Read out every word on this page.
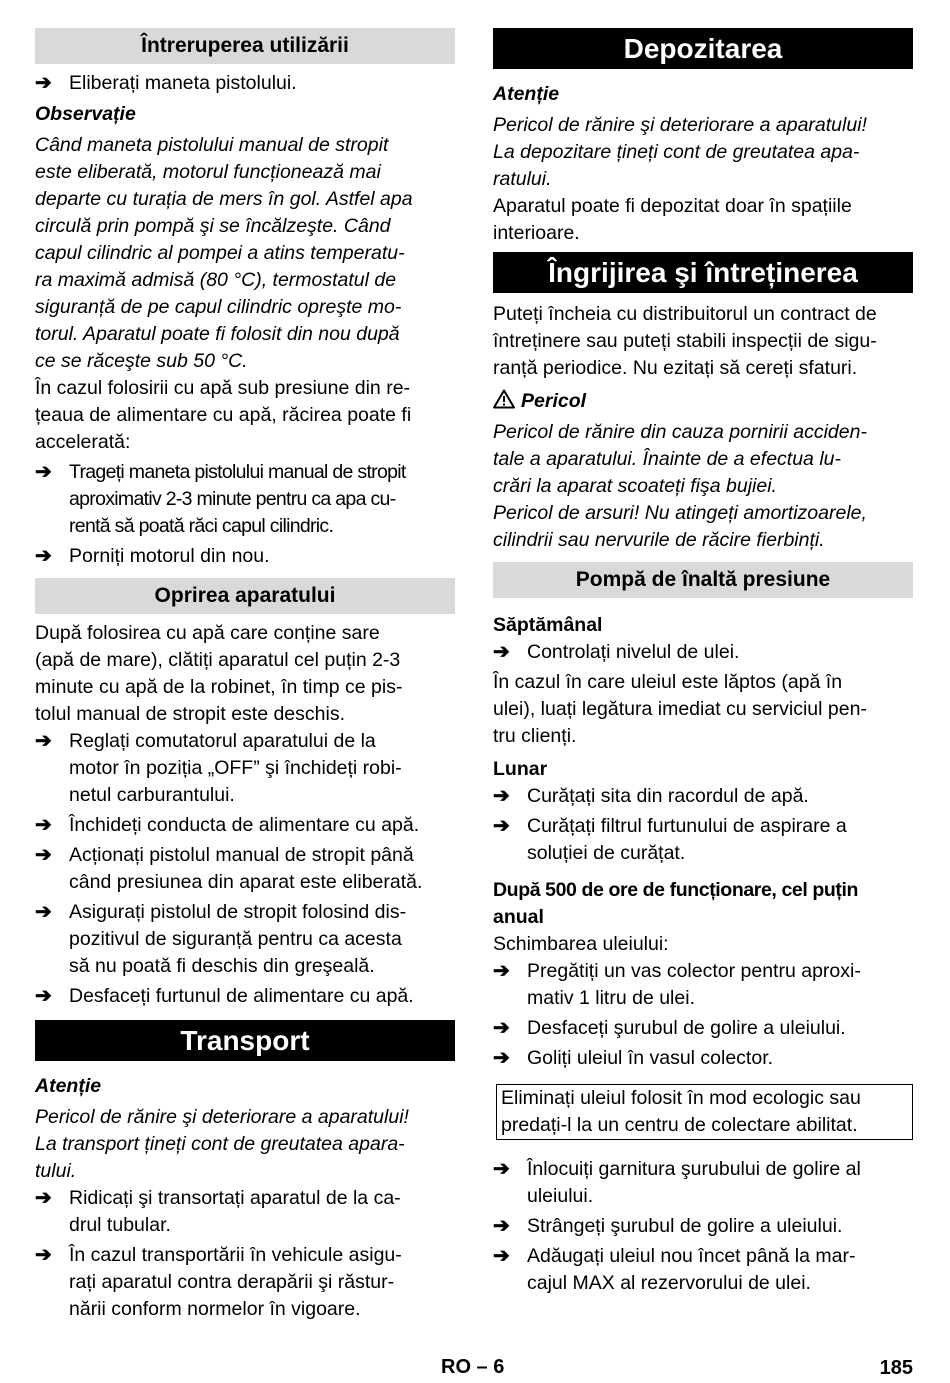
Întreruperea utilizării
➔ Eliberați maneta pistolului.

Observație

Când maneta pistolului manual de stropit

este eliberată, motorul funcționează mai

departe cu turația de mers în gol. Astfel apa

circulă prin pompă şi se încălzeşte. Când

capul cilindric al pompei a atins temperatu-

ra maximă admisă (80 °C), termostatul de

siguranță de pe capul cilindric opreşte mo-

torul. Aparatul poate fi folosit din nou după

ce se răceşte sub 50 °C.

În cazul folosirii cu apă sub presiune din re-

țeaua de alimentare cu apă, răcirea poate fi

accelerată:

➔ Trageți maneta pistolului manual de stropit

aproximativ 2-3 minute pentru ca apa cu-

rentă să poată răci capul cilindric.

➔ Porniți motorul din nou.
Oprirea aparatului

După folosirea cu apă care conține sare

(apă de mare), clătiți aparatul cel puțin 2-3

minute cu apă de la robinet, în timp ce pis-

tolul manual de stropit este deschis.

➔ Reglați comutatorul aparatului de la

motor în poziția „OFF” şi închideți robi-

netul carburantului.

➔ Închideți conducta de alimentare cu apă.
➔ Acționați pistolul manual de stropit până

când presiunea din aparat este eliberată.

➔ Asigurați pistolul de stropit folosind dis-

pozitivul de siguranță pentru ca acesta

să nu poată fi deschis din greşeală.

➔ Desfaceți furtunul de alimentare cu apă.
Transport

Atenție

Pericol de rănire şi deteriorare a aparatului!

La transport țineți cont de greutatea apara-

tului.

➔ Ridicați şi transortați aparatul de la ca-

drul tubular.

➔ În cazul transportării în vehicule asigu-

rați aparatul contra derapării şi răstur-

nării conform normelor în vigoare.

Depozitarea

Atenție

Pericol de rănire şi deteriorare a aparatului!

La depozitare țineți cont de greutatea apa-

ratului.

Aparatul poate fi depozitat doar în spațiile

interioare.

Îngrijirea şi întreținerea

Puteți încheia cu distribuitorul un contract de

întreținere sau puteți stabili inspecții de sigu-

ranță periodice. Nu ezitați să cereți sfaturi.

Pericol

Pericol de rănire din cauza pornirii acciden-

tale a aparatului. Înainte de a efectua lu-

crări la aparat scoateți fişa bujiei.

Pericol de arsuri! Nu atingeți amortizoarele,

cilindrii sau nervurile de răcire fierbinți.

Pompă de înaltă presiune

Săptămânal

➔ Controlați nivelul de ulei.

În cazul în care uleiul este lăptos (apă în

ulei), luați legătura imediat cu serviciul pen-

tru clienți.

Lunar

➔ Curățați sita din racordul de apă.
➔ Curățați filtrul furtunului de aspirare a

soluției de curățat.

După 500 de ore de funcționare, cel puțin

anual

Schimbarea uleiului:

➔ Pregătiți un vas colector pentru aproxi-

mativ 1 litru de ulei.

➔ Desfaceți şurubul de golire a uleiului.
➔ Goliți uleiul în vasul colector.

Eliminați uleiul folosit în mod ecologic sau

predați-l la un centru de colectare abilitat.

➔ Înlocuiți garnitura şurubului de golire al

uleiului.

➔ Strângeți şurubul de golire a uleiului.
➔ Adăugați uleiul nou încet până la mar-

cajul MAX al rezervorului de ulei.

RO – 6	185
